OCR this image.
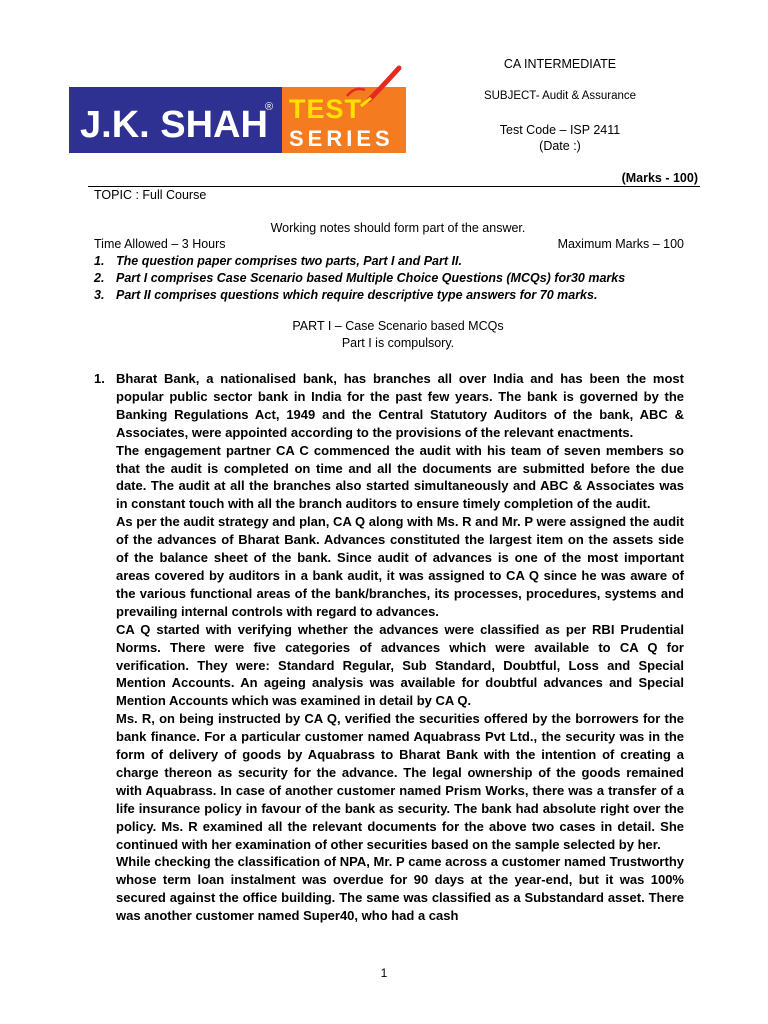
J.K. SHAH
® TEST
SERIES
CA INTERMEDIATE
SUBJECT- Audit & Assurance
Test Code – ISP 2411
(Date :)
(Marks - 100)
TOPIC : Full Course
Working notes should form part of the answer.
Time Allowed – 3 Hours	Maximum Marks – 100
1. The question paper comprises two parts, Part I and Part II.
2. Part I comprises Case Scenario based Multiple Choice Questions (MCQs) for30 marks
3. Part II comprises questions which require descriptive type answers for 70 marks.
PART I – Case Scenario based MCQs
Part I is compulsory.
1. Bharat Bank, a nationalised bank, has branches all over India and has been the most popular public sector bank in India for the past few years. The bank is governed by the Banking Regulations Act, 1949 and the Central Statutory Auditors of the bank, ABC & Associates, were appointed according to the provisions of the relevant enactments.

The engagement partner CA C commenced the audit with his team of seven members so that the audit is completed on time and all the documents are submitted before the due date. The audit at all the branches also started simultaneously and ABC & Associates was in constant touch with all the branch auditors to ensure timely completion of the audit.

As per the audit strategy and plan, CA Q along with Ms. R and Mr. P were assigned the audit of the advances of Bharat Bank. Advances constituted the largest item on the assets side of the balance sheet of the bank. Since audit of advances is one of the most important areas covered by auditors in a bank audit, it was assigned to CA Q since he was aware of the various functional areas of the bank/branches, its processes, procedures, systems and prevailing internal controls with regard to advances.

CA Q started with verifying whether the advances were classified as per RBI Prudential Norms. There were five categories of advances which were available to CA Q for verification. They were: Standard Regular, Sub Standard, Doubtful, Loss and Special Mention Accounts. An ageing analysis was available for doubtful advances and Special Mention Accounts which was examined in detail by CA Q.

Ms. R, on being instructed by CA Q, verified the securities offered by the borrowers for the bank finance. For a particular customer named Aquabrass Pvt Ltd., the security was in the form of delivery of goods by Aquabrass to Bharat Bank with the intention of creating a charge thereon as security for the advance. The legal ownership of the goods remained with Aquabrass. In case of another customer named Prism Works, there was a transfer of a life insurance policy in favour of the bank as security. The bank had absolute right over the policy. Ms. R examined all the relevant documents for the above two cases in detail. She continued with her examination of other securities based on the sample selected by her.

While checking the classification of NPA, Mr. P came across a customer named Trustworthy whose term loan instalment was overdue for 90 days at the year-end, but it was 100% secured against the office building. The same was classified as a Substandard asset. There was another customer named Super40, who had a cash

1
